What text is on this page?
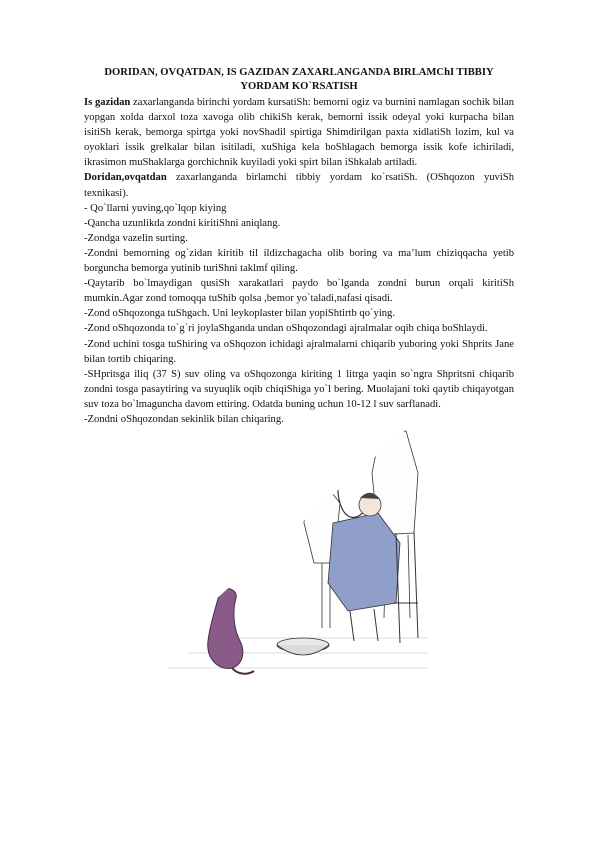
DORIDAN, OVQATDAN, IS GAZIDAN ZAXARLANGANDA BIRLAMChI TIBBIY
YORDAM KO`RSATISH

Is gazidan zaxarlanganda birinchi yordam kursatiSh: bemorni ogiz va burnini namlagan sochik bilan yopgan xolda darxol toza xavoga olib chikiSh kerak, bemorni issik odeyal yoki kurpacha bilan isitiSh kerak, bemorga spirtga yoki novShadil spirtiga Shimdirilgan paxta xidlatiSh lozim, kul va oyoklari issik grelkalar bilan isitiladi, xuShiga kela boShlagach bemorga issik kofe ichiriladi, ikrasimon muShaklarga gorchichnik kuyiladi yoki spirt bilan iShkalab artiladi.

Doridan,ovqatdan zaxarlanganda birlamchi tibbiy yordam ko`rsatiSh. (OShqozon yuviSh texnikasi).

- Qo`llarni yuving,qo`lqop kiying

-Qancha uzunlikda zondni kiritiShni aniqlang.

-Zondga vazelin surting.

-Zondni bemorning og`zidan kiritib til ildizchagacha olib boring va ma’lum chiziqqacha yetib borguncha bemorga yutinib turiShni taklmf qiling.

-Qaytarib bo`lmaydigan qusiSh xarakatlari paydo bo`lganda zondni burun orqali kiritiSh mumkin.Agar zond tomoqqa tuShib qolsa ,bemor yo`taladi,nafasi qisadi.

-Zond oShqozonga tuShgach. Uni leykoplaster bilan yopiShtirtb qo`ying.

-Zond oShqozonda to`g`ri joylaShganda undan oShqozondagi ajralmalar oqib chiqa boShlaydi.

-Zond uchini tosga tuShiring va oShqozon ichidagi ajralmalarni chiqarib yuboring yoki Shprits Jane bilan tortib chiqaring.

-SHpritsga iliq (37 S) suv oling va oShqozonga kiriting 1 litrga yaqin so`ngra Shpritsni chiqarib zondni tosga pasaytiring va suyuqlik oqib chiqiShiga yo`l bering. Muolajani toki qaytib chiqayotgan suv toza bo`lmaguncha davom ettiring. Odatda buning uchun 10-12 l suv sarflanadi.

-Zondni oShqozondan sekinlik bilan chiqaring.
